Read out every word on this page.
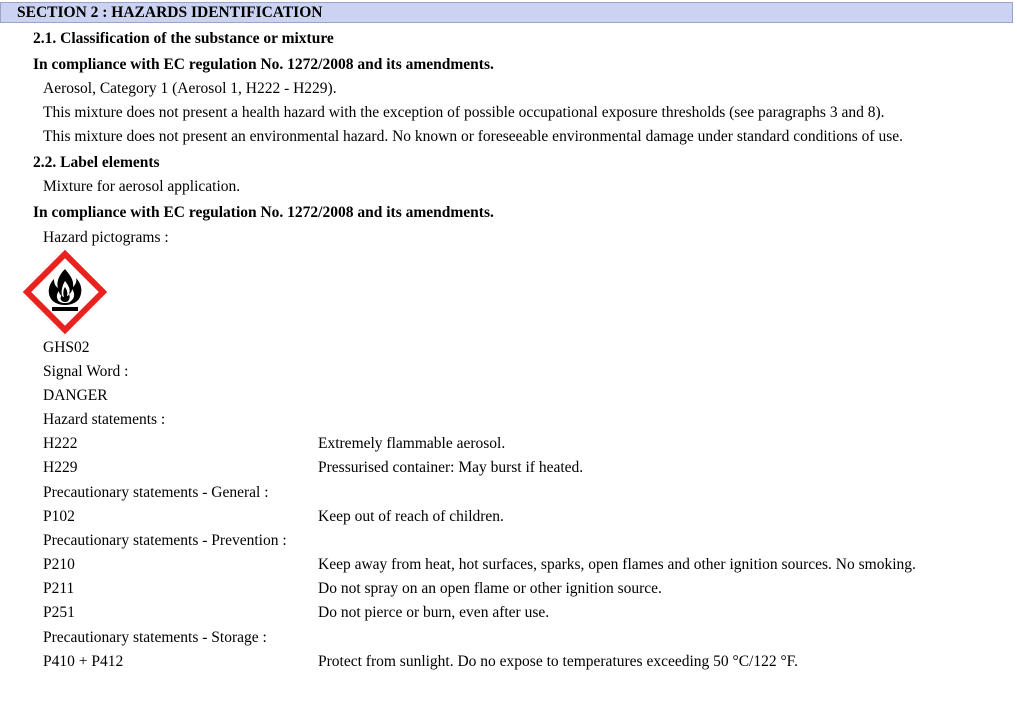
SECTION 2 : HAZARDS IDENTIFICATION
2.1. Classification of the substance or mixture
In compliance with EC regulation No. 1272/2008 and its amendments.
Aerosol, Category 1 (Aerosol 1, H222 - H229).
This mixture does not present a health hazard with the exception of possible occupational exposure thresholds (see paragraphs 3 and 8).
This mixture does not present an environmental hazard. No known or foreseeable environmental damage under standard conditions of use.
2.2. Label elements
Mixture for aerosol application.
In compliance with EC regulation No. 1272/2008 and its amendments.
Hazard pictograms :
GHS02
Signal Word :
DANGER
Hazard statements :
H222	Extremely flammable aerosol.
H229	Pressurised container: May burst if heated.
Precautionary statements - General :
P102	Keep out of reach of children.
Precautionary statements - Prevention :
P210	Keep away from heat, hot surfaces, sparks, open flames and other ignition sources. No smoking.
P211	Do not spray on an open flame or other ignition source.
P251	Do not pierce or burn, even after use.
Precautionary statements - Storage :
P410 + P412	Protect from sunlight. Do no expose to temperatures exceeding 50 °C/122 °F.
